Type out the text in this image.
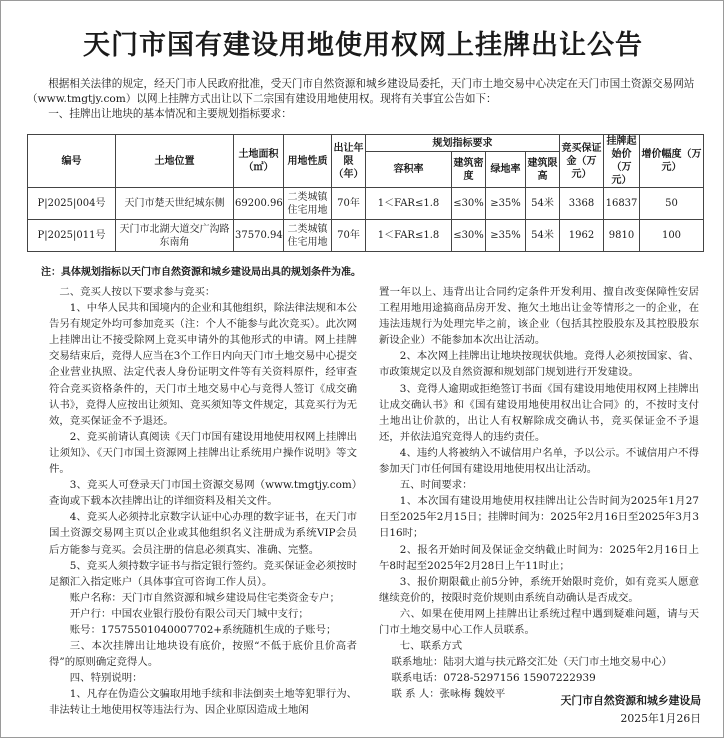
天门市国有建设用地使用权网上挂牌出让公告

根据相关法律的规定，经天门市人民政府批准，受天门市自然资源和城乡建设局委托，天门市土地交易中心决定在天门市国土资源交易网站（www.tmgtjy.com）以网上挂牌方式出让以下二宗国有建设用地使用权。现将有关事宜公告如下：

一、挂牌出让地块的基本情况和主要规划指标要求：

编号	土地位置	土地面积（㎡）	用地性质	出让年限（年）	规划指标要求				竞买保证金（万元）	挂牌起始价（万元）	增价幅度（万元）
					容积率	建筑密度	绿地率	建筑限高			
P|2025|004号	天门市楚天世纪城东侧	69200.96	二类城镇住宅用地	70年	1＜FAR≤1.8	≤30%	≥35%	54米	3368	16837	50
P|2025|011号	天门市北湖大道交广沟路东南角	37570.94	二类城镇住宅用地	70年	1＜FAR≤1.8	≤30%	≥35%	54米	1962	9810	100
注：具体规划指标以天门市自然资源和城乡建设局出具的规划条件为准。

二、竞买人按以下要求参与竞买：

1、中华人民共和国境内的企业和其他组织，除法律法规和本公告另有规定外均可参加竞买（注：个人不能参与此次竞买）。此次网上挂牌出让不接受除网上竞买申请外的其他形式的申请。网上挂牌交易结束后，竞得人应当在3个工作日内向天门市土地交易中心提交企业营业执照、法定代表人身份证明文件等有关资料原件，经审查符合竞买资格条件的，天门市土地交易中心与竞得人签订《成交确认书》，竞得人应按出让须知、竞买须知等文件规定，其竞买行为无效，竞买保证金不予退还。

2、竞买前请认真阅读《天门市国有建设用地使用权网上挂牌出让须知》、《天门市国土资源网上挂牌出让系统用户操作说明》等文件。

3、竞买人可登录天门市国土资源交易网（www.tmgtjy.com）查询或下载本次挂牌出让的详细资料及相关文件。

4、竞买人必须持北京数字认证中心办理的数字证书，在天门市国土资源交易网主页以企业或其他组织名义注册成为系统VIP会员后方能参与竞买。会员注册的信息必须真实、准确、完整。

5、竞买人须持数字证书与指定银行签约。竞买保证金必须按时足额汇入指定账户（具体事宜可咨询工作人员）。

账户名称：天门市自然资源和城乡建设局住宅类资金专户；

开户行：中国农业银行股份有限公司天门城中支行；

账号：17575501040007702+系统随机生成的子账号；

三、本次挂牌出让地块设有底价，按照“不低于底价且价高者得”的原则确定竞得人。

四、特别说明：

1、凡存在伪造公文骗取用地手续和非法倒卖土地等犯罪行为、非法转让土地使用权等违法行为、因企业原因造成土地闲

置一年以上、违背出让合同约定条件开发利用、擅自改变保障性安居工程用地用途搞商品房开发、拖欠土地出让金等情形之一的企业，在违法违规行为处理完毕之前，该企业（包括其控股股东及其控股股东新设企业）不能参加本次出让活动。

2、本次网上挂牌出让地块按现状供地。竞得人必须按国家、省、市政策规定以及自然资源和规划部门规划进行开发建设。

3、竞得人逾期或拒绝签订书面《国有建设用地使用权网上挂牌出让成交确认书》和《国有建设用地使用权出让合同》的，不按时支付土地出让价款的，出让人有权解除成交确认书，竞买保证金不予退还，并依法追究竞得人的违约责任。

4、违约人将被纳入不诚信用户名单，予以公示。不诚信用户不得参加天门市任何国有建设用地使用权出让活动。

五、时间要求：

1、本次国有建设用地使用权挂牌出让公告时间为2025年1月27日至2025年2月15日；挂牌时间为：2025年2月16日至2025年3月3日16时；

2、报名开始时间及保证金交纳截止时间为：2025年2月16日上午8时起至2025年2月28日上午11时止；

3、报价期限截止前5分钟，系统开始限时竞价，如有竞买人愿意继续竞价的，按限时竞价规则由系统自动确认是否成交。

六、如果在使用网上挂牌出让系统过程中遇到疑难问题，请与天门市土地交易中心工作人员联系。

七、联系方式

联系地址：陆羽大道与扶元路交汇处（天门市土地交易中心）

联系电话：0728-5297156 15907222939

联 系 人：张咏梅 魏姣平	天门市自然资源和城乡建设局
2025年1月26日
